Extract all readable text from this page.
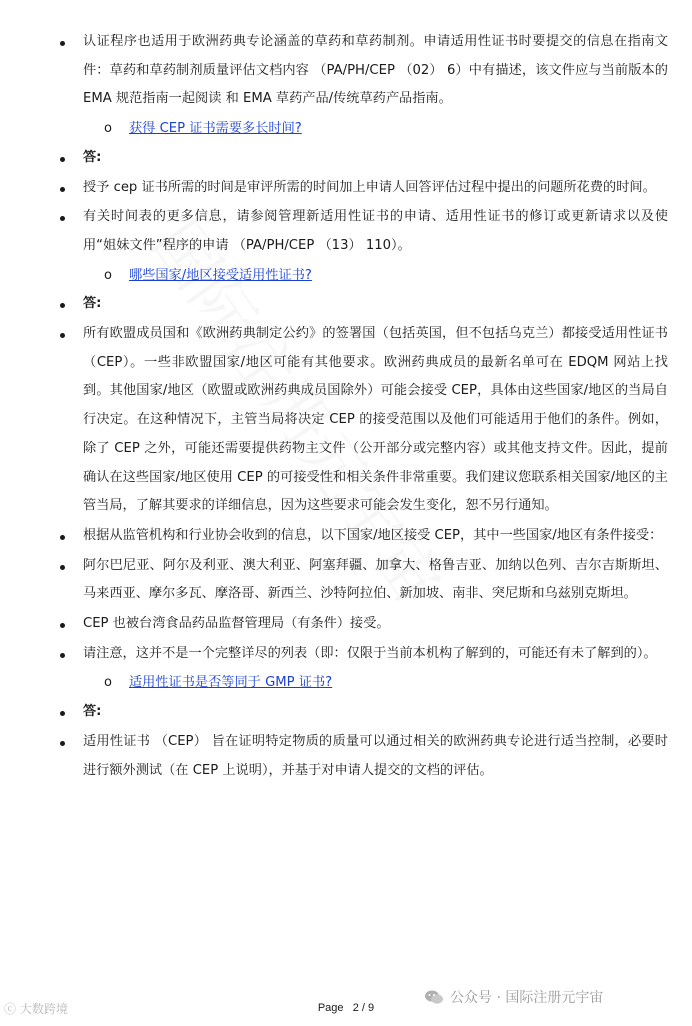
认证程序也适用于欧洲药典专论涵盖的草药和草药制剂。申请适用性证书时要提交的信息在指南文件：草药和草药制剂质量评估文档内容 （PA/PH/CEP （02） 6）中有描述，该文件应与当前版本的 EMA 规范指南一起阅读 和 EMA 草药产品/传统草药产品指南。
o 获得 CEP 证书需要多长时间?
答:
授予 cep 证书所需的时间是审评所需的时间加上申请人回答评估过程中提出的问题所花费的时间。
有关时间表的更多信息，请参阅管理新适用性证书的申请、适用性证书的修订或更新请求以及使用“姐妹文件”程序的申请 （PA/PH/CEP （13） 110）。
o 哪些国家/地区接受适用性证书?
答:
所有欧盟成员国和《欧洲药典制定公约》的签署国（包括英国，但不包括乌克兰）都接受适用性证书 （CEP）。一些非欧盟国家/地区可能有其他要求。欧洲药典成员的最新名单可在 EDQM 网站上找到。其他国家/地区（欧盟或欧洲药典成员国除外）可能会接受 CEP，具体由这些国家/地区的当局自行决定。在这种情况下，主管当局将决定 CEP 的接受范围以及他们可能适用于他们的条件。例如，除了 CEP 之外，可能还需要提供药物主文件（公开部分或完整内容）或其他支持文件。因此，提前确认在这些国家/地区使用 CEP 的可接受性和相关条件非常重要。我们建议您联系相关国家/地区的主管当局，了解其要求的详细信息，因为这些要求可能会发生变化，恕不另行通知。
根据从监管机构和行业协会收到的信息，以下国家/地区接受 CEP，其中一些国家/地区有条件接受：
阿尔巴尼亚、阿尔及利亚、澳大利亚、阿塞拜疆、加拿大、格鲁吉亚、加纳以色列、吉尔吉斯斯坦、马来西亚、摩尔多瓦、摩洛哥、新西兰、沙特阿拉伯、新加坡、南非、突尼斯和乌兹别克斯坦。
CEP 也被台湾食品药品监督管理局（有条件）接受。
请注意，这并不是一个完整详尽的列表（即：仅限于当前本机构了解到的，可能还有未了解到的）。
o 适用性证书是否等同于 GMP 证书?
答:
适用性证书 （CEP） 旨在证明特定物质的质量可以通过相关的欧洲药典专论进行适当控制，必要时进行额外测试（在 CEP 上说明），并基于对申请人提交的文档的评估。
Page 2 / 9
ⓒ 大数跨境
公众号 · 国际注册元宇宙
